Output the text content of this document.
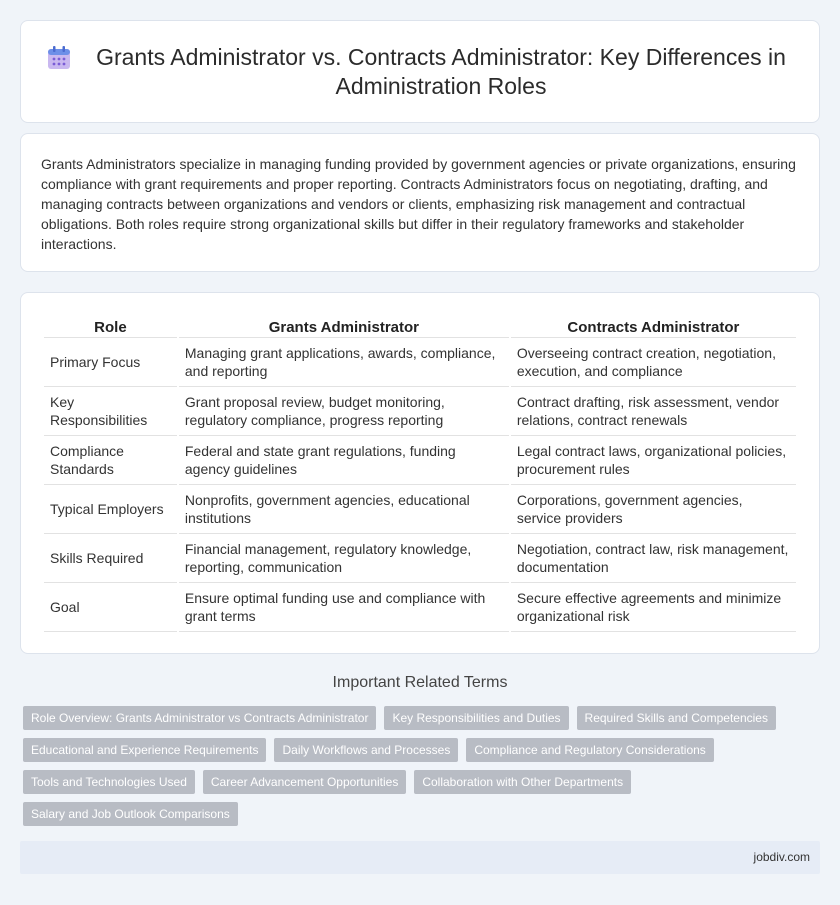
Grants Administrator vs. Contracts Administrator: Key Differences in Administration Roles

Grants Administrators specialize in managing funding provided by government agencies or private organizations, ensuring compliance with grant requirements and proper reporting. Contracts Administrators focus on negotiating, drafting, and managing contracts between organizations and vendors or clients, emphasizing risk management and contractual obligations. Both roles require strong organizational skills but differ in their regulatory frameworks and stakeholder interactions.

Role	Grants Administrator	Contracts Administrator
Primary Focus	Managing grant applications, awards, compliance, and reporting	Overseeing contract creation, negotiation, execution, and compliance
Key Responsibilities	Grant proposal review, budget monitoring, regulatory compliance, progress reporting	Contract drafting, risk assessment, vendor relations, contract renewals
Compliance Standards	Federal and state grant regulations, funding agency guidelines	Legal contract laws, organizational policies, procurement rules
Typical Employers	Nonprofits, government agencies, educational institutions	Corporations, government agencies, service providers
Skills Required	Financial management, regulatory knowledge, reporting, communication	Negotiation, contract law, risk management, documentation
Goal	Ensure optimal funding use and compliance with grant terms	Secure effective agreements and minimize organizational risk
Important Related Terms
Role Overview: Grants Administrator vs Contracts Administrator	Key Responsibilities and Duties	Required Skills and Competencies
Educational and Experience Requirements	Daily Workflows and Processes	Compliance and Regulatory Considerations
Tools and Technologies Used	Career Advancement Opportunities	Collaboration with Other Departments
Salary and Job Outlook Comparisons
jobdiv.com
